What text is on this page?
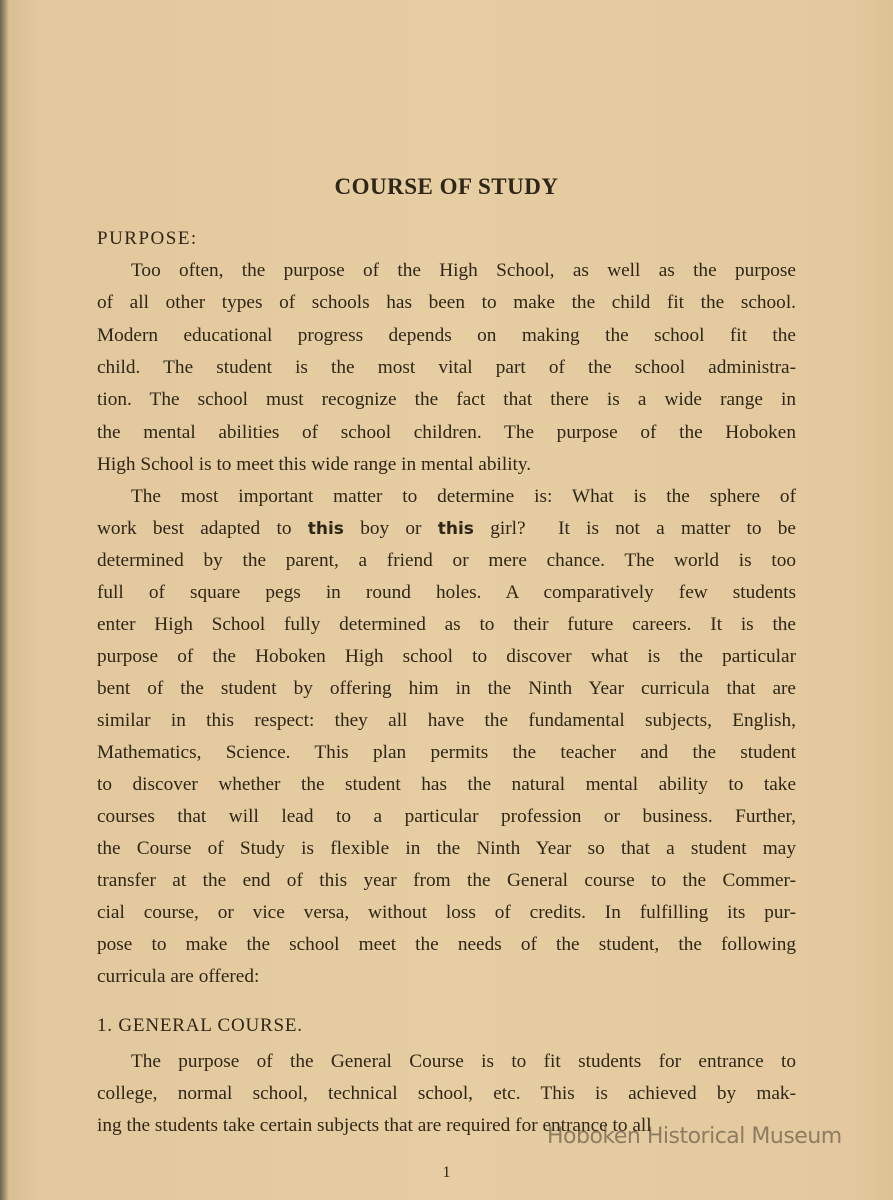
COURSE OF STUDY
PURPOSE:
Too often, the purpose of the High School, as well as the purpose
of all other types of schools has been to make the child fit the school.
Modern educational progress depends on making the school fit the
child. The student is the most vital part of the school administra-
tion. The school must recognize the fact that there is a wide range in
the mental abilities of school children. The purpose of the Hoboken
High School is to meet this wide range in mental ability.
The most important matter to determine is: What is the sphere of
work best adapted to this boy or this girl?  It is not a matter to be
determined by the parent, a friend or mere chance. The world is too
full of square pegs in round holes. A comparatively few students
enter High School fully determined as to their future careers. It is the
purpose of the Hoboken High school to discover what is the particular
bent of the student by offering him in the Ninth Year curricula that are
similar in this respect: they all have the fundamental subjects, English,
Mathematics, Science. This plan permits the teacher and the student
to discover whether the student has the natural mental ability to take
courses that will lead to a particular profession or business. Further,
the Course of Study is flexible in the Ninth Year so that a student may
transfer at the end of this year from the General course to the Commer-
cial course, or vice versa, without loss of credits. In fulfilling its pur-
pose to make the school meet the needs of the student, the following
curricula are offered:
1. GENERAL COURSE.
The purpose of the General Course is to fit students for entrance to
college, normal school, technical school, etc. This is achieved by mak-
ing the students take certain subjects that are required for entrance to all
1
Hoboken Historical Museum
